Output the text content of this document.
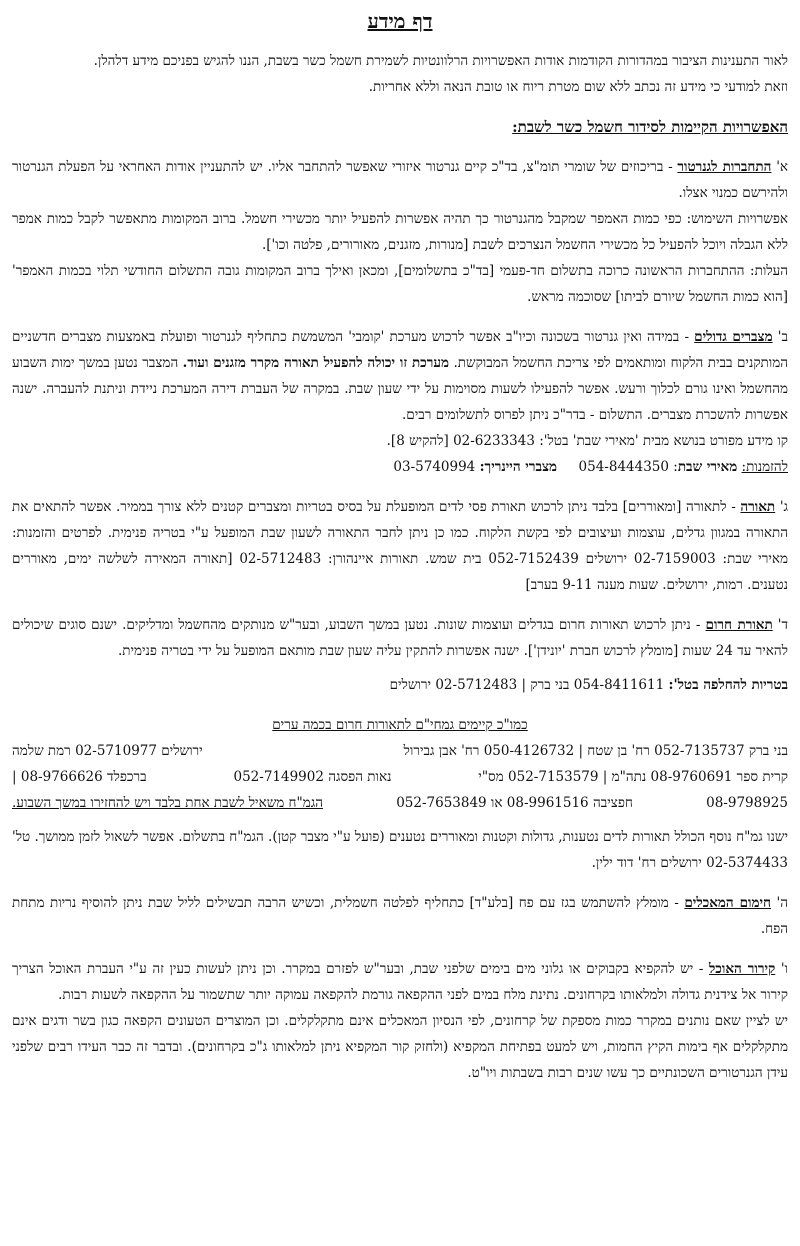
דף מידע

לאור התענינות הציבור במהדורות הקודמות אודות האפשרויות הרלוונטיות לשמירת חשמל כשר בשבת, הננו להגיש בפניכם מידע דלהלן.

וזאת למודעי כי מידע זה נכתב ללא שום מטרת ריוח או טובת הנאה וללא אחריות.

האפשרויות הקיימות לסידור חשמל כשר לשבת:

א' התחברות לגנרטור - בריכוזים של שומרי תומ"צ, בד"כ קיים גנרטור איזורי שאפשר להתחבר אליו. יש להתעניין אודות האחראי על הפעלת הגנרטור ולהירשם כמנוי אצלו.

אפשרויות השימוש: כפי כמות האמפר שמקבל מהגנרטור כך תהיה אפשרות להפעיל יותר מכשירי חשמל. ברוב המקומות מתאפשר לקבל כמות אמפר ללא הגבלה ויוכל להפעיל כל מכשירי החשמל הנצרכים לשבת [מנורות, מזגנים, מאורורים, פלטה וכו'].

העלות: ההתחברות הראשונה כרוכה בתשלום חד-פעמי [בד"כ בתשלומים], ומכאן ואילך ברוב המקומות גובה התשלום החודשי תלוי בכמות האמפר' [הוא כמות החשמל שיורם לביתו] שסוכמה מראש.

ב' מצברים גדולים - במידה ואין גנרטור בשכונה וכיו"ב אפשר לרכוש מערכת 'קומבי' המשמשת כתחליף לגנרטור ופועלת באמצעות מצברים חדשניים המותקנים בבית הלקוח ומותאמים לפי צריכת החשמל המבוקשת. מערכת זו יכולה להפעיל תאורה מקרר מזגנים ועוד. המצבר נטען במשך ימות השבוע מהחשמל ואינו גורם לכלוך ורעש. אפשר להפעילו לשעות מסוימות על ידי שעון שבת. במקרה של העברת דירה המערכת ניידת וניתנת להעברה. ישנה אפשרות להשכרת מצברים. התשלום - בדר"כ ניתן לפרוס לתשלומים רבים.

קו מידע מפורט בנושא מבית 'מאירי שבת' בטל': 02-6233343 [להקיש 8].

להזמנות: מאירי שבת: 054-8444350     מצברי היינריך: 03-5740994

ג' תאורה - לתאורה [ומאוררים] בלבד ניתן לרכוש תאורת פסי לדים המופעלת על בסיס בטריות ומצברים קטנים ללא צורך בממיר. אפשר להתאים את התאורה במגוון גדלים, עוצמות ועיצובים לפי בקשת הלקוח. כמו כן ניתן לחבר התאורה לשעון שבת המופעל ע"י בטריה פנימית. לפרטים והזמנות: מאירי שבת: 02-7159003 ירושלים 052-7152439 בית שמש. תאורות איינהורן: 02-5712483 [תאורה המאירה לשלשה ימים, מאוררים נטענים. רמות, ירושלים. שעות מענה 9-11 בערב]

ד' תאורת חרום - ניתן לרכוש תאורות חרום בגדלים ועוצמות שונות. נטען במשך השבוע, ובער"ש מנותקים מהחשמל ומדליקים. ישנם סוגים שיכולים להאיר עד 24 שעות [מומלץ לרכוש חברת 'יונידן']. ישנה אפשרות להתקין עליה שעון שבת מותאם המופעל על ידי בטריה פנימית.

בטריות להחלפה בטל': 054-8411611 בני ברק | 02-5712483 ירושלים

כמו"כ קיימים גמחי"ם לתאורות חרום בכמה ערים

בני ברק 052-7135737 רח' בן שטח | 050-4126732 רח' אבן גבירול
ירושלים 02-5710977 רמת שלמה
קרית ספר 08-9760691 נתה"מ | 052-7153579 מס"י
נאות הפסגה 052-7149902
ברכפלד 08-9766626 |
08-9798925
חפציבה 08-9961516 או 052-7653849
הגמ"ח משאיל לשבת אחת בלבד ויש להחזירו במשך השבוע.

ישנו גמ"ח נוסף הכולל תאורות לדים נטענות, גדולות וקטנות ומאוררים נטענים (פועל ע"י מצבר קטן). הגמ"ח בתשלום. אפשר לשאול לזמן ממושך. טל' 02-5374433 ירושלים רח' דוד ילין.

ה' חימום המאכלים - מומלץ להשתמש בגז עם פח [בלע"ד] כתחליף לפלטה חשמלית, וכשיש הרבה תבשילים לליל שבת ניתן להוסיף נריות מתחת הפח.

ו' קירור האוכל - יש להקפיא בקבוקים או גלוני מים בימים שלפני שבת, ובער"ש לפזרם במקרר. וכן ניתן לעשות כעין זה ע"י העברת האוכל הצריך קירור אל צידנית גדולה ולמלאותו בקרחונים. נתינת מלח במים לפני ההקפאה גורמת להקפאה עמוקה יותר שתשמור על ההקפאה לשעות רבות.

יש לציין שאם נותנים במקרר כמות מספקת של קרחונים, לפי הנסיון המאכלים אינם מתקלקלים. וכן המוצרים הטעונים הקפאה כגון בשר ודגים אינם מתקלקלים אף בימות הקיץ החמות, ויש למעט בפתיחת המקפיא (ולחזק קור המקפיא ניתן למלאותו ג"כ בקרחונים). ובדבר זה כבר העידו רבים שלפני עידן הגנרטורים השכונתיים כך עשו שנים רבות בשבתות ויו"ט.
